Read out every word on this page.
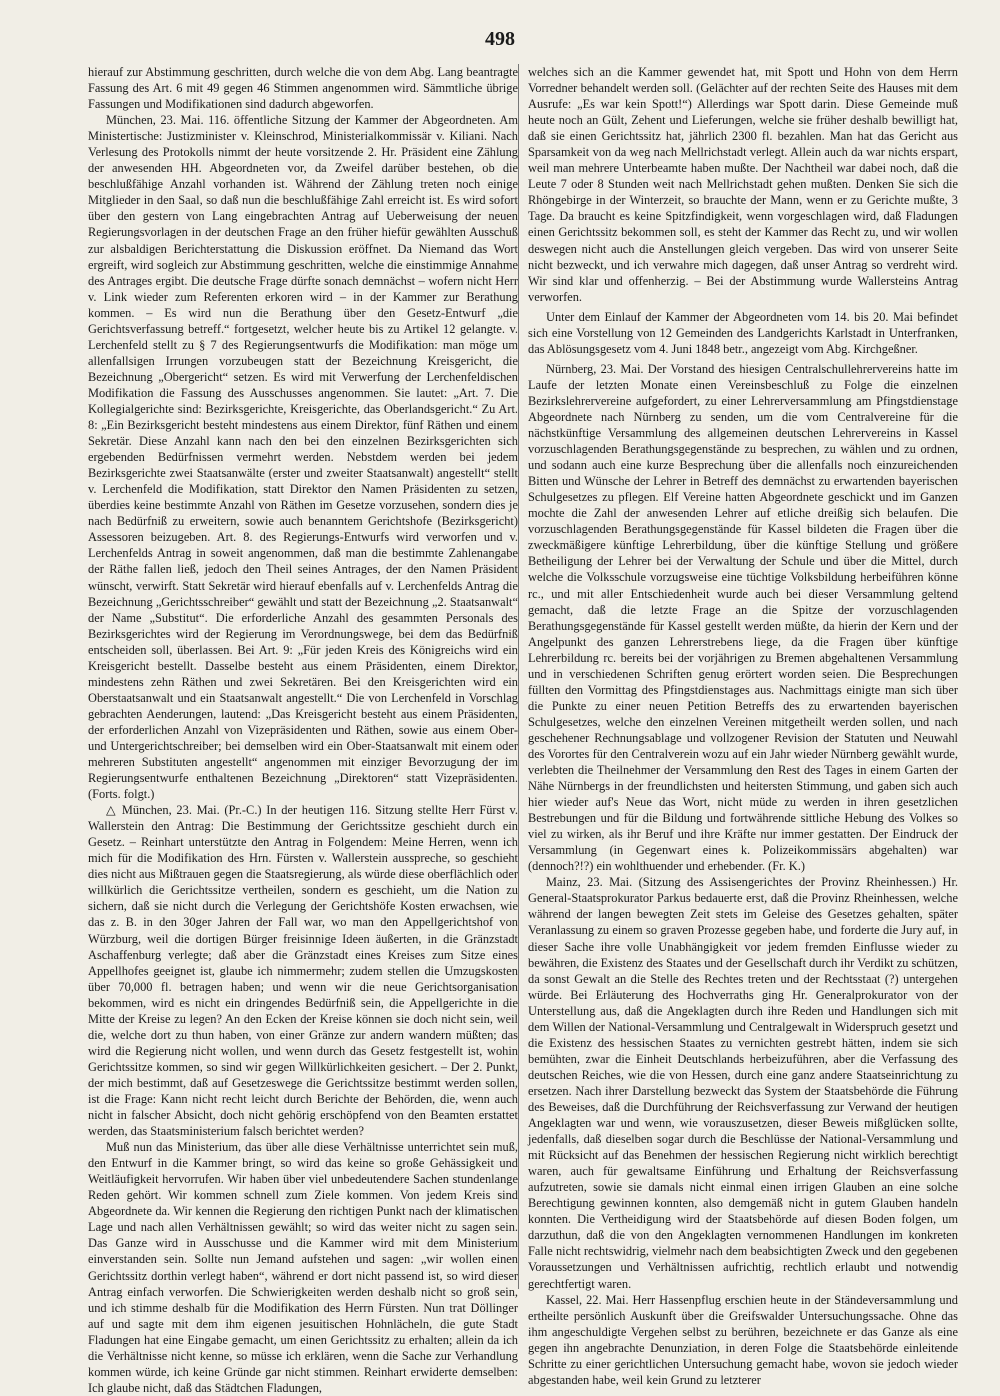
498

hierauf zur Abstimmung geschritten, durch welche die von dem Abg. Lang beantragte Fassung des Art. 6 mit 49 gegen 46 Stimmen angenommen wird. Sämmtliche übrige Fassungen und Modifikationen sind dadurch abgeworfen.

München, 23. Mai. 116. öffentliche Sitzung der Kammer der Abgeordneten. Am Ministertische: Justizminister v. Kleinschrod, Ministerialkommissär v. Kiliani. Nach Verlesung des Protokolls nimmt der heute vorsitzende 2. Hr. Präsident eine Zählung der anwesenden HH. Abgeordneten vor, da Zweifel darüber bestehen, ob die beschlußfähige Anzahl vorhanden ist. Während der Zählung treten noch einige Mitglieder in den Saal, so daß nun die beschlußfähige Zahl erreicht ist. Es wird sofort über den gestern von Lang eingebrachten Antrag auf Ueberweisung der neuen Regierungsvorlagen in der deutschen Frage an den früher hiefür gewählten Ausschuß zur alsbaldigen Berichterstattung die Diskussion eröffnet. Da Niemand das Wort ergreift, wird sogleich zur Abstimmung geschritten, welche die einstimmige Annahme des Antrages ergibt. Die deutsche Frage dürfte sonach demnächst – wofern nicht Herr v. Link wieder zum Referenten erkoren wird – in der Kammer zur Berathung kommen. – Es wird nun die Berathung über den Gesetz-Entwurf „die Gerichtsverfassung betreff.“ fortgesetzt, welcher heute bis zu Artikel 12 gelangte. v. Lerchenfeld stellt zu § 7 des Regierungsentwurfs die Modifikation: man möge um allenfallsigen Irrungen vorzubeugen statt der Bezeichnung Kreisgericht, die Bezeichnung „Obergericht“ setzen. Es wird mit Verwerfung der Lerchenfeldischen Modifikation die Fassung des Ausschusses angenommen. Sie lautet: „Art. 7. Die Kollegialgerichte sind: Bezirksgerichte, Kreisgerichte, das Oberlandsgericht.“ Zu Art. 8: „Ein Bezirksgericht besteht mindestens aus einem Direktor, fünf Räthen und einem Sekretär. Diese Anzahl kann nach den bei den einzelnen Bezirksgerichten sich ergebenden Bedürfnissen vermehrt werden. Nebstdem werden bei jedem Bezirksgerichte zwei Staatsanwälte (erster und zweiter Staatsanwalt) angestellt“ stellt v. Lerchenfeld die Modifikation, statt Direktor den Namen Präsidenten zu setzen, überdies keine bestimmte Anzahl von Räthen im Gesetze vorzusehen, sondern dies je nach Bedürfniß zu erweitern, sowie auch benanntem Gerichtshofe (Bezirksgericht) Assessoren beizugeben. Art. 8. des Regierungs-Entwurfs wird verworfen und v. Lerchenfelds Antrag in soweit angenommen, daß man die bestimmte Zahlenangabe der Räthe fallen ließ, jedoch den Theil seines Antrages, der den Namen Präsident wünscht, verwirft. Statt Sekretär wird hierauf ebenfalls auf v. Lerchenfelds Antrag die Bezeichnung „Gerichtsschreiber“ gewählt und statt der Bezeichnung „2. Staatsanwalt“ der Name „Substitut“. Die erforderliche Anzahl des gesammten Personals des Bezirksgerichtes wird der Regierung im Verordnungswege, bei dem das Bedürfniß entscheiden soll, überlassen. Bei Art. 9: „Für jeden Kreis des Königreichs wird ein Kreisgericht bestellt. Dasselbe besteht aus einem Präsidenten, einem Direktor, mindestens zehn Räthen und zwei Sekretären. Bei den Kreisgerichten wird ein Oberstaatsanwalt und ein Staatsanwalt angestellt.“ Die von Lerchenfeld in Vorschlag gebrachten Aenderungen, lautend: „Das Kreisgericht besteht aus einem Präsidenten, der erforderlichen Anzahl von Vizepräsidenten und Räthen, sowie aus einem Ober- und Untergerichtschreiber; bei demselben wird ein Ober-Staatsanwalt mit einem oder mehreren Substituten angestellt“ angenommen mit einziger Bevorzugung der im Regierungsentwurfe enthaltenen Bezeichnung „Direktoren“ statt Vizepräsidenten. (Forts. folgt.)

△ München, 23. Mai. (Pr.-C.) In der heutigen 116. Sitzung stellte Herr Fürst v. Wallerstein den Antrag: Die Bestimmung der Gerichtssitze geschieht durch ein Gesetz. – Reinhart unterstützte den Antrag in Folgendem: Meine Herren, wenn ich mich für die Modifikation des Hrn. Fürsten v. Wallerstein ausspreche, so geschieht dies nicht aus Mißtrauen gegen die Staatsregierung, als würde diese oberflächlich oder willkürlich die Gerichtssitze vertheilen, sondern es geschieht, um die Nation zu sichern, daß sie nicht durch die Verlegung der Gerichtshöfe Kosten erwachsen, wie das z. B. in den 30ger Jahren der Fall war, wo man den Appellgerichtshof von Würzburg, weil die dortigen Bürger freisinnige Ideen äußerten, in die Gränzstadt Aschaffenburg verlegte; daß aber die Gränzstadt eines Kreises zum Sitze eines Appellhofes geeignet ist, glaube ich nimmermehr; zudem stellen die Umzugskosten über 70,000 fl. betragen haben; und wenn wir die neue Gerichtsorganisation bekommen, wird es nicht ein dringendes Bedürfniß sein, die Appellgerichte in die Mitte der Kreise zu legen? An den Ecken der Kreise können sie doch nicht sein, weil die, welche dort zu thun haben, von einer Gränze zur andern wandern müßten; das wird die Regierung nicht wollen, und wenn durch das Gesetz festgestellt ist, wohin Gerichtssitze kommen, so sind wir gegen Willkürlichkeiten gesichert. – Der 2. Punkt, der mich bestimmt, daß auf Gesetzeswege die Gerichtssitze bestimmt werden sollen, ist die Frage: Kann nicht recht leicht durch Berichte der Behörden, die, wenn auch nicht in falscher Absicht, doch nicht gehörig erschöpfend von den Beamten erstattet werden, das Staatsministerium falsch berichtet werden?

Muß nun das Ministerium, das über alle diese Verhältnisse unterrichtet sein muß, den Entwurf in die Kammer bringt, so wird das keine so große Gehässigkeit und Weitläufigkeit hervorrufen. Wir haben über viel unbedeutendere Sachen stundenlange Reden gehört. Wir kommen schnell zum Ziele kommen. Von jedem Kreis sind Abgeordnete da. Wir kennen die Regierung den richtigen Punkt nach der klimatischen Lage und nach allen Verhältnissen gewählt; so wird das weiter nicht zu sagen sein. Das Ganze wird in Ausschusse und die Kammer wird mit dem Ministerium einverstanden sein. Sollte nun Jemand aufstehen und sagen: „wir wollen einen Gerichtssitz dorthin verlegt haben“, während er dort nicht passend ist, so wird dieser Antrag einfach verworfen. Die Schwierigkeiten werden deshalb nicht so groß sein, und ich stimme deshalb für die Modifikation des Herrn Fürsten. Nun trat Döllinger auf und sagte mit dem ihm eigenen jesuitischen Hohnlächeln, die gute Stadt Fladungen hat eine Eingabe gemacht, um einen Gerichtssitz zu erhalten; allein da ich die Verhältnisse nicht kenne, so müsse ich erklären, wenn die Sache zur Verhandlung kommen würde, ich keine Gründe gar nicht stimmen. Reinhart erwiderte demselben: Ich glaube nicht, daß das Städtchen Fladungen,

welches sich an die Kammer gewendet hat, mit Spott und Hohn von dem Herrn Vorredner behandelt werden soll. (Gelächter auf der rechten Seite des Hauses mit dem Ausrufe: „Es war kein Spott!“) Allerdings war Spott darin. Diese Gemeinde muß heute noch an Gült, Zehent und Lieferungen, welche sie früher deshalb bewilligt hat, daß sie einen Gerichtssitz hat, jährlich 2300 fl. bezahlen. Man hat das Gericht aus Sparsamkeit von da weg nach Mellrichstadt verlegt. Allein auch da war nichts erspart, weil man mehrere Unterbeamte haben mußte. Der Nachtheil war dabei noch, daß die Leute 7 oder 8 Stunden weit nach Mellrichstadt gehen mußten. Denken Sie sich die Rhöngebirge in der Winterzeit, so brauchte der Mann, wenn er zu Gerichte mußte, 3 Tage. Da braucht es keine Spitzfindigkeit, wenn vorgeschlagen wird, daß Fladungen einen Gerichtssitz bekommen soll, es steht der Kammer das Recht zu, und wir wollen deswegen nicht auch die Anstellungen gleich vergeben. Das wird von unserer Seite nicht bezweckt, und ich verwahre mich dagegen, daß unser Antrag so verdreht wird. Wir sind klar und offenherzig. – Bei der Abstimmung wurde Wallersteins Antrag verworfen.

Unter dem Einlauf der Kammer der Abgeordneten vom 14. bis 20. Mai befindet sich eine Vorstellung von 12 Gemeinden des Landgerichts Karlstadt in Unterfranken, das Ablösungsgesetz vom 4. Juni 1848 betr., angezeigt vom Abg. Kirchgeßner.

Nürnberg, 23. Mai. Der Vorstand des hiesigen Centralschullehrervereins hatte im Laufe der letzten Monate einen Vereinsbeschluß zu Folge die einzelnen Bezirkslehrervereine aufgefordert, zu einer Lehrerversammlung am Pfingstdienstage Abgeordnete nach Nürnberg zu senden, um die vom Centralvereine für die nächstkünftige Versammlung des allgemeinen deutschen Lehrervereins in Kassel vorzuschlagenden Berathungsgegenstände zu besprechen, zu wählen und zu ordnen, und sodann auch eine kurze Besprechung über die allenfalls noch einzureichenden Bitten und Wünsche der Lehrer in Betreff des demnächst zu erwartenden bayerischen Schulgesetzes zu pflegen. Elf Vereine hatten Abgeordnete geschickt und im Ganzen mochte die Zahl der anwesenden Lehrer auf etliche dreißig sich belaufen. Die vorzuschlagenden Berathungsgegenstände für Kassel bildeten die Fragen über die zweckmäßigere künftige Lehrerbildung, über die künftige Stellung und größere Betheiligung der Lehrer bei der Verwaltung der Schule und über die Mittel, durch welche die Volksschule vorzugsweise eine tüchtige Volksbildung herbeiführen könne rc., und mit aller Entschiedenheit wurde auch bei dieser Versammlung geltend gemacht, daß die letzte Frage an die Spitze der vorzuschlagenden Berathungsgegenstände für Kassel gestellt werden müßte, da hierin der Kern und der Angelpunkt des ganzen Lehrerstrebens liege, da die Fragen über künftige Lehrerbildung rc. bereits bei der vorjährigen zu Bremen abgehaltenen Versammlung und in verschiedenen Schriften genug erörtert worden seien. Die Besprechungen füllten den Vormittag des Pfingstdienstages aus. Nachmittags einigte man sich über die Punkte zu einer neuen Petition Betreffs des zu erwartenden bayerischen Schulgesetzes, welche den einzelnen Vereinen mitgetheilt werden sollen, und nach geschehener Rechnungsablage und vollzogener Revision der Statuten und Neuwahl des Vorortes für den Centralverein wozu auf ein Jahr wieder Nürnberg gewählt wurde, verlebten die Theilnehmer der Versammlung den Rest des Tages in einem Garten der Nähe Nürnbergs in der freundlichsten und heitersten Stimmung, und gaben sich auch hier wieder auf's Neue das Wort, nicht müde zu werden in ihren gesetzlichen Bestrebungen und für die Bildung und fortwährende sittliche Hebung des Volkes so viel zu wirken, als ihr Beruf und ihre Kräfte nur immer gestatten. Der Eindruck der Versammlung (in Gegenwart eines k. Polizeikommissärs abgehalten) war (dennoch?!?) ein wohlthuender und erhebender. (Fr. K.)

Mainz, 23. Mai. (Sitzung des Assisengerichtes der Provinz Rheinhessen.) Hr. General-Staatsprokurator Parkus bedauerte erst, daß die Provinz Rheinhessen, welche während der langen bewegten Zeit stets im Geleise des Gesetzes gehalten, später Veranlassung zu einem so graven Prozesse gegeben habe, und forderte die Jury auf, in dieser Sache ihre volle Unabhängigkeit vor jedem fremden Einflusse wieder zu bewähren, die Existenz des Staates und der Gesellschaft durch ihr Verdikt zu schützen, da sonst Gewalt an die Stelle des Rechtes treten und der Rechtsstaat (?) untergehen würde. Bei Erläuterung des Hochverraths ging Hr. Generalprokurator von der Unterstellung aus, daß die Angeklagten durch ihre Reden und Handlungen sich mit dem Willen der National-Versammlung und Centralgewalt in Widerspruch gesetzt und die Existenz des hessischen Staates zu vernichten gestrebt hätten, indem sie sich bemühten, zwar die Einheit Deutschlands herbeizuführen, aber die Verfassung des deutschen Reiches, wie die von Hessen, durch eine ganz andere Staatseinrichtung zu ersetzen. Nach ihrer Darstellung bezweckt das System der Staatsbehörde die Führung des Beweises, daß die Durchführung der Reichsverfassung zur Verwand der heutigen Angeklagten war und wenn, wie vorauszusetzen, dieser Beweis mißglücken sollte, jedenfalls, daß dieselben sogar durch die Beschlüsse der National-Versammlung und mit Rücksicht auf das Benehmen der hessischen Regierung nicht wirklich berechtigt waren, auch für gewaltsame Einführung und Erhaltung der Reichsverfassung aufzutreten, sowie sie damals nicht einmal einen irrigen Glauben an eine solche Berechtigung gewinnen konnten, also demgemäß nicht in gutem Glauben handeln konnten. Die Vertheidigung wird der Staatsbehörde auf diesen Boden folgen, um darzuthun, daß die von den Angeklagten vernommenen Handlungen im konkreten Falle nicht rechtswidrig, vielmehr nach dem beabsichtigten Zweck und den gegebenen Voraussetzungen und Verhältnissen aufrichtig, rechtlich erlaubt und notwendig gerechtfertigt waren.

Kassel, 22. Mai. Herr Hassenpflug erschien heute in der Ständeversammlung und ertheilte persönlich Auskunft über die Greifswalder Untersuchungssache. Ohne das ihm angeschuldigte Vergehen selbst zu berühren, bezeichnete er das Ganze als eine gegen ihn angebrachte Denunziation, in deren Folge die Staatsbehörde einleitende Schritte zu einer gerichtlichen Untersuchung gemacht habe, wovon sie jedoch wieder abgestanden habe, weil kein Grund zu letzterer
